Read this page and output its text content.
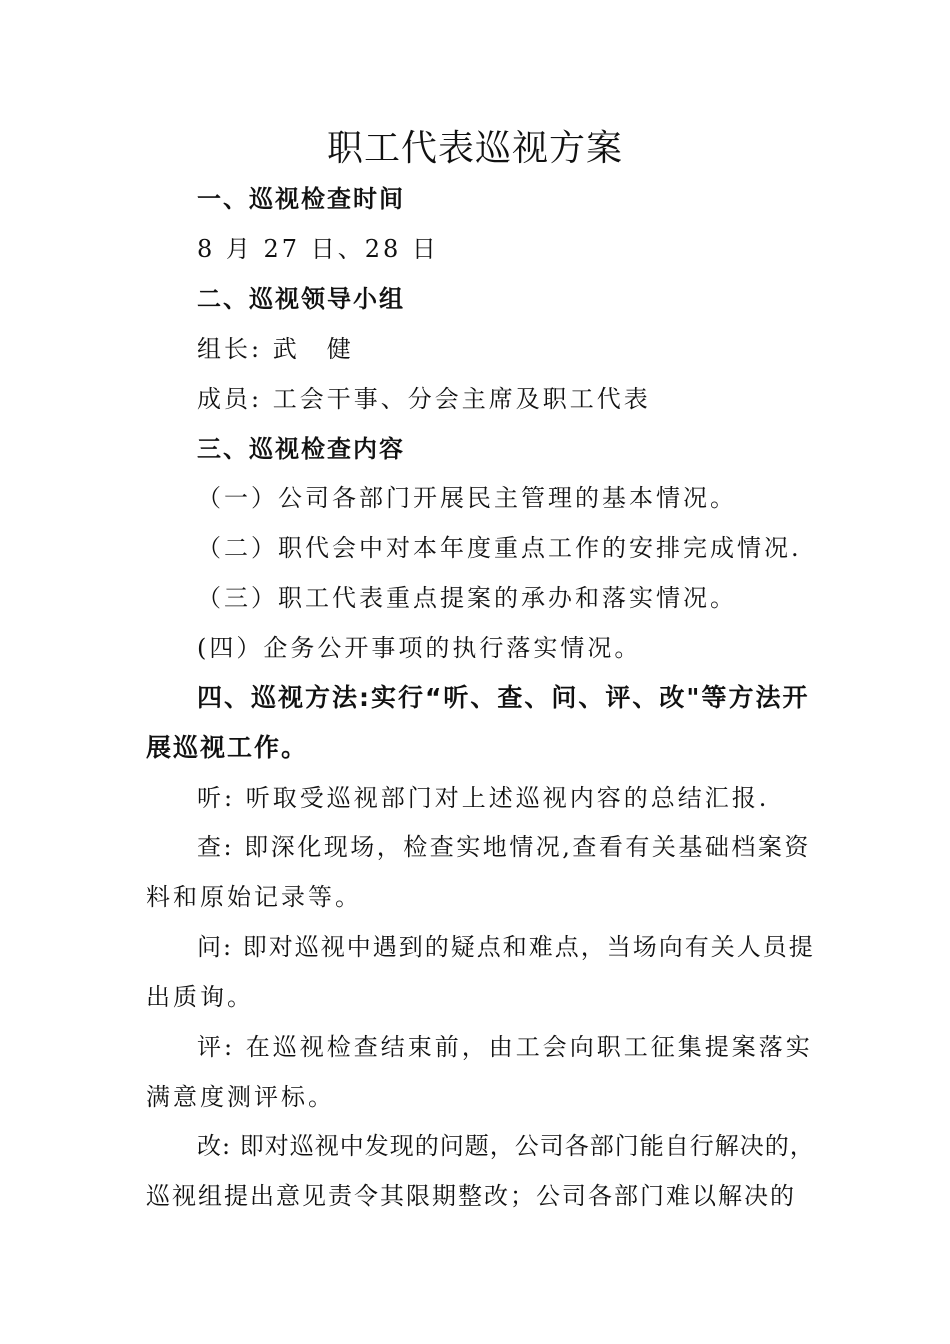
职工代表巡视方案
一、巡视检查时间
8 月 27 日、28 日
二、巡视领导小组
组长: 武　健
成员: 工会干事、分会主席及职工代表
三、巡视检查内容
（一）公司各部门开展民主管理的基本情况。
（二）职代会中对本年度重点工作的安排完成情况.
（三）职工代表重点提案的承办和落实情况。
(四）企务公开事项的执行落实情况。
四、巡视方法:实行“听、查、问、评、改"等方法开
展巡视工作。
听: 听取受巡视部门对上述巡视内容的总结汇报.
查: 即深化现场，检查实地情况,查看有关基础档案资
料和原始记录等。
问: 即对巡视中遇到的疑点和难点，当场向有关人员提
出质询。
评: 在巡视检查结束前，由工会向职工征集提案落实
满意度测评标。
改: 即对巡视中发现的问题，公司各部门能自行解决的，
巡视组提出意见责令其限期整改；公司各部门难以解决的
